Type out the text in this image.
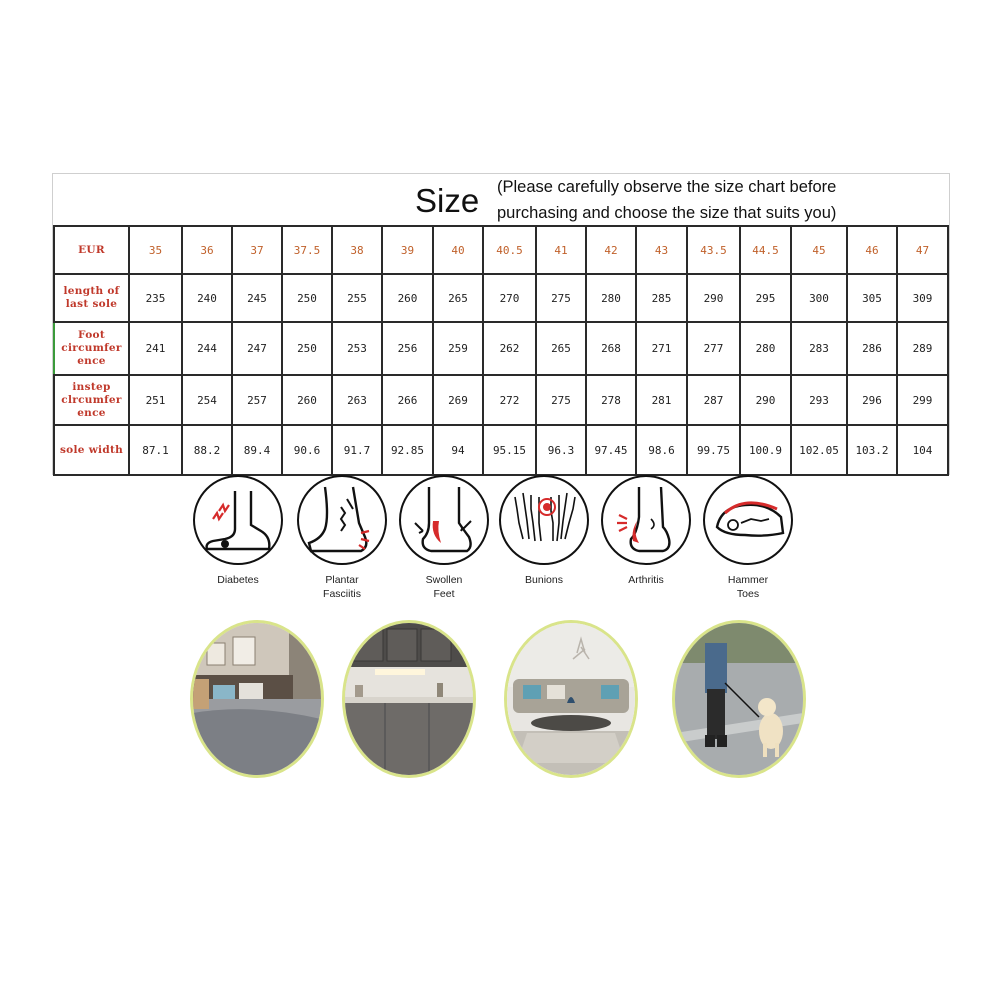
Size (Please carefully observe the size chart before
purchasing and choose the size that suits you)
EUR	35	36	37	37.5	38	39	40	40.5	41	42	43	43.5	44.5	45	46	47
length of
last sole	235	240	245	250	255	260	265	270	275	280	285	290	295	300	305	309
Foot
circumfer
ence	241	244	247	250	253	256	259	262	265	268	271	277	280	283	286	289
instep
clrcumfer
ence	251	254	257	260	263	266	269	272	275	278	281	287	290	293	296	299
sole width	87.1	88.2	89.4	90.6	91.7	92.85	94	95.15	96.3	97.45	98.6	99.75	100.9	102.05	103.2	104
Diabetes	Plantar
Fasciitis
Swollen
Feet
Bunions	Arthritis	Hammer
Toes
